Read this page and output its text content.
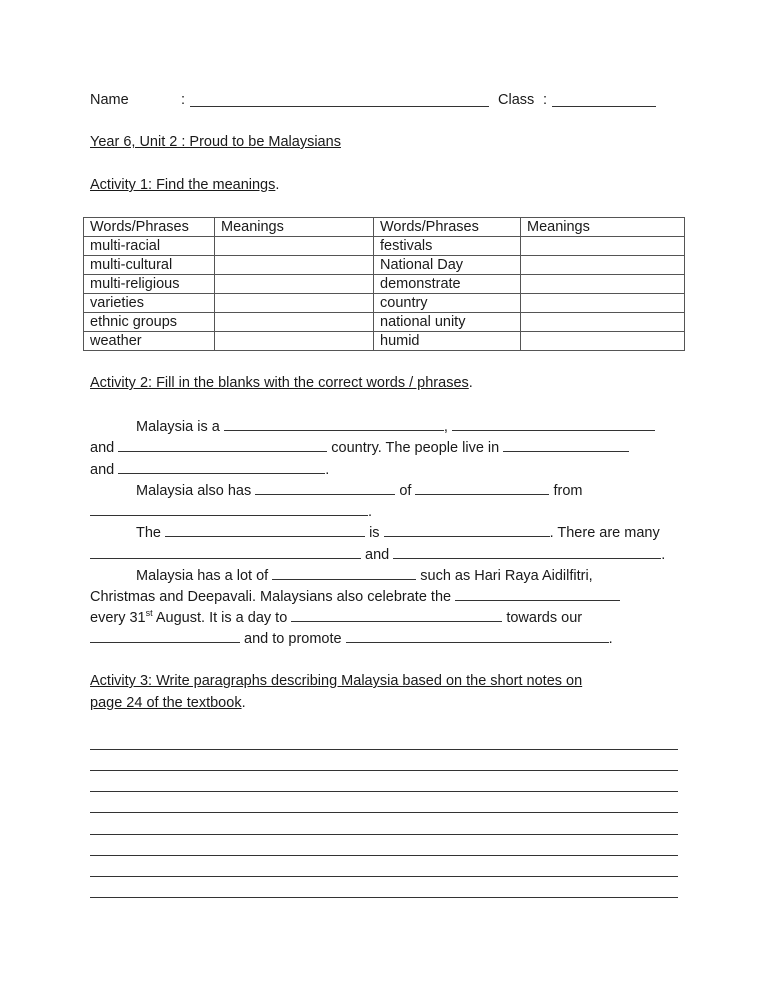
Name	:	Class :
Year 6, Unit 2 : Proud to be Malaysians
Activity 1: Find the meanings.
Words/Phrases	Meanings	Words/Phrases	Meanings
multi-racial		festivals	
multi-cultural		National Day	
multi-religious		demonstrate	
varieties		country	
ethnic groups		national unity	
weather		humid	
Activity 2: Fill in the blanks with the correct words / phrases.
Malaysia is a	,
and	country. The people live in
and	.
Malaysia also has	of	from
.
The	is	. There are many
and	.
Malaysia has a lot of	such as Hari Raya Aidilfitri,
Christmas and Deepavali. Malaysians also celebrate the
every 31st August. It is a day to	towards our
and to promote	.
Activity 3: Write paragraphs describing Malaysia based on the short notes on
page 24 of the textbook.
